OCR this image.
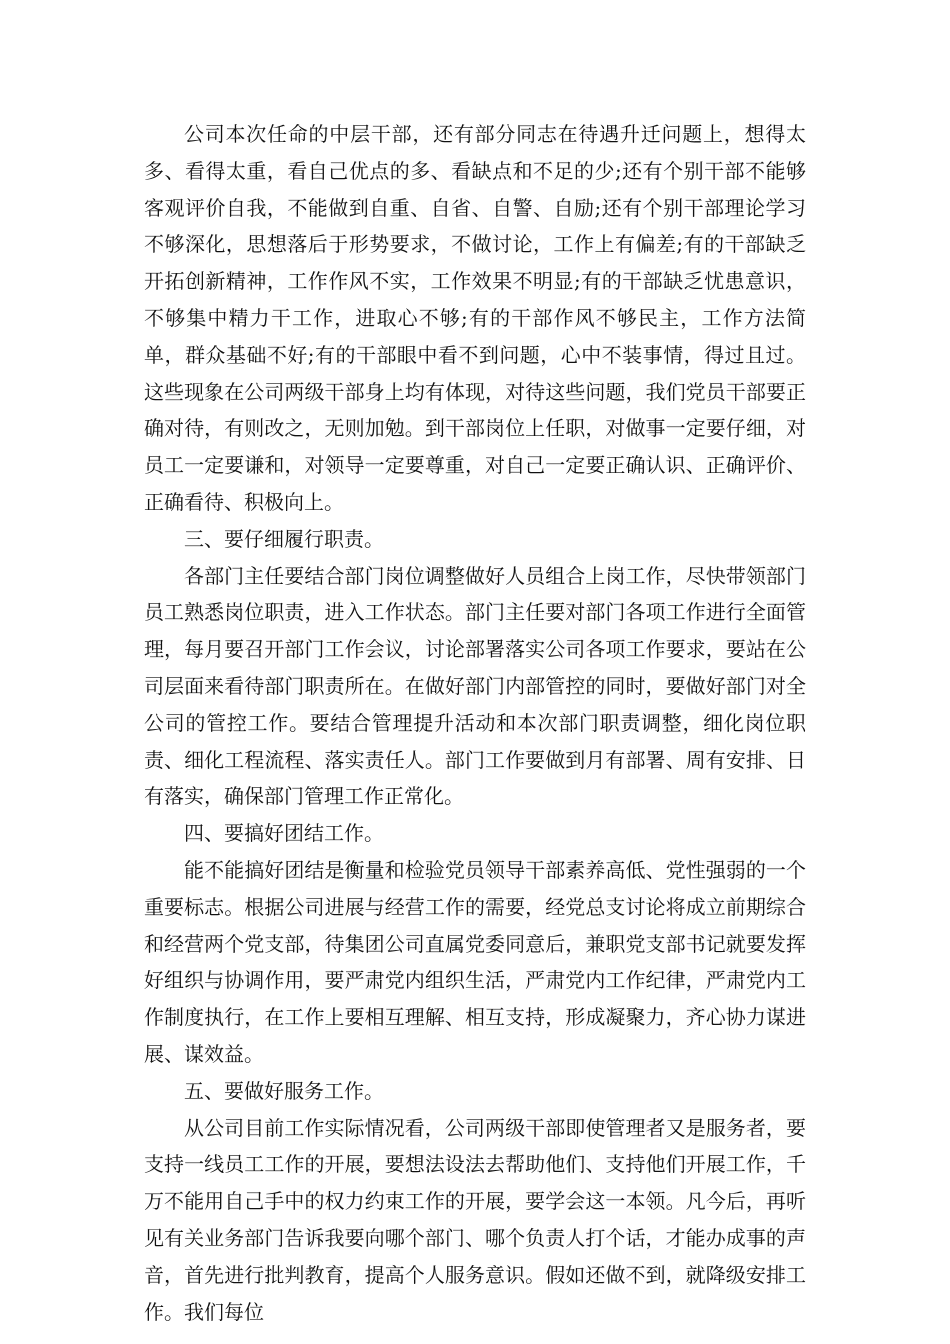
公司本次任命的中层干部，还有部分同志在待遇升迁问题上，想得太多、看得太重，看自己优点的多、看缺点和不足的少;还有个别干部不能够客观评价自我，不能做到自重、自省、自警、自励;还有个别干部理论学习不够深化，思想落后于形势要求，不做讨论，工作上有偏差;有的干部缺乏开拓创新精神，工作作风不实，工作效果不明显;有的干部缺乏忧患意识，不够集中精力干工作，进取心不够;有的干部作风不够民主，工作方法简单，群众基础不好;有的干部眼中看不到问题，心中不装事情，得过且过。这些现象在公司两级干部身上均有体现，对待这些问题，我们党员干部要正确对待，有则改之，无则加勉。到干部岗位上任职，对做事一定要仔细，对员工一定要谦和，对领导一定要尊重，对自己一定要正确认识、正确评价、正确看待、积极向上。

三、要仔细履行职责。

各部门主任要结合部门岗位调整做好人员组合上岗工作，尽快带领部门员工熟悉岗位职责，进入工作状态。部门主任要对部门各项工作进行全面管理，每月要召开部门工作会议，讨论部署落实公司各项工作要求，要站在公司层面来看待部门职责所在。在做好部门内部管控的同时，要做好部门对全公司的管控工作。要结合管理提升活动和本次部门职责调整，细化岗位职责、细化工程流程、落实责任人。部门工作要做到月有部署、周有安排、日有落实，确保部门管理工作正常化。

四、要搞好团结工作。

能不能搞好团结是衡量和检验党员领导干部素养高低、党性强弱的一个重要标志。根据公司进展与经营工作的需要，经党总支讨论将成立前期综合和经营两个党支部，待集团公司直属党委同意后，兼职党支部书记就要发挥好组织与协调作用，要严肃党内组织生活，严肃党内工作纪律，严肃党内工作制度执行，在工作上要相互理解、相互支持，形成凝聚力，齐心协力谋进展、谋效益。

五、要做好服务工作。

从公司目前工作实际情况看，公司两级干部即使管理者又是服务者，要支持一线员工工作的开展，要想法设法去帮助他们、支持他们开展工作，千万不能用自己手中的权力约束工作的开展，要学会这一本领。凡今后，再听见有关业务部门告诉我要向哪个部门、哪个负责人打个话，才能办成事的声音，首先进行批判教育，提高个人服务意识。假如还做不到，就降级安排工作。我们每位
